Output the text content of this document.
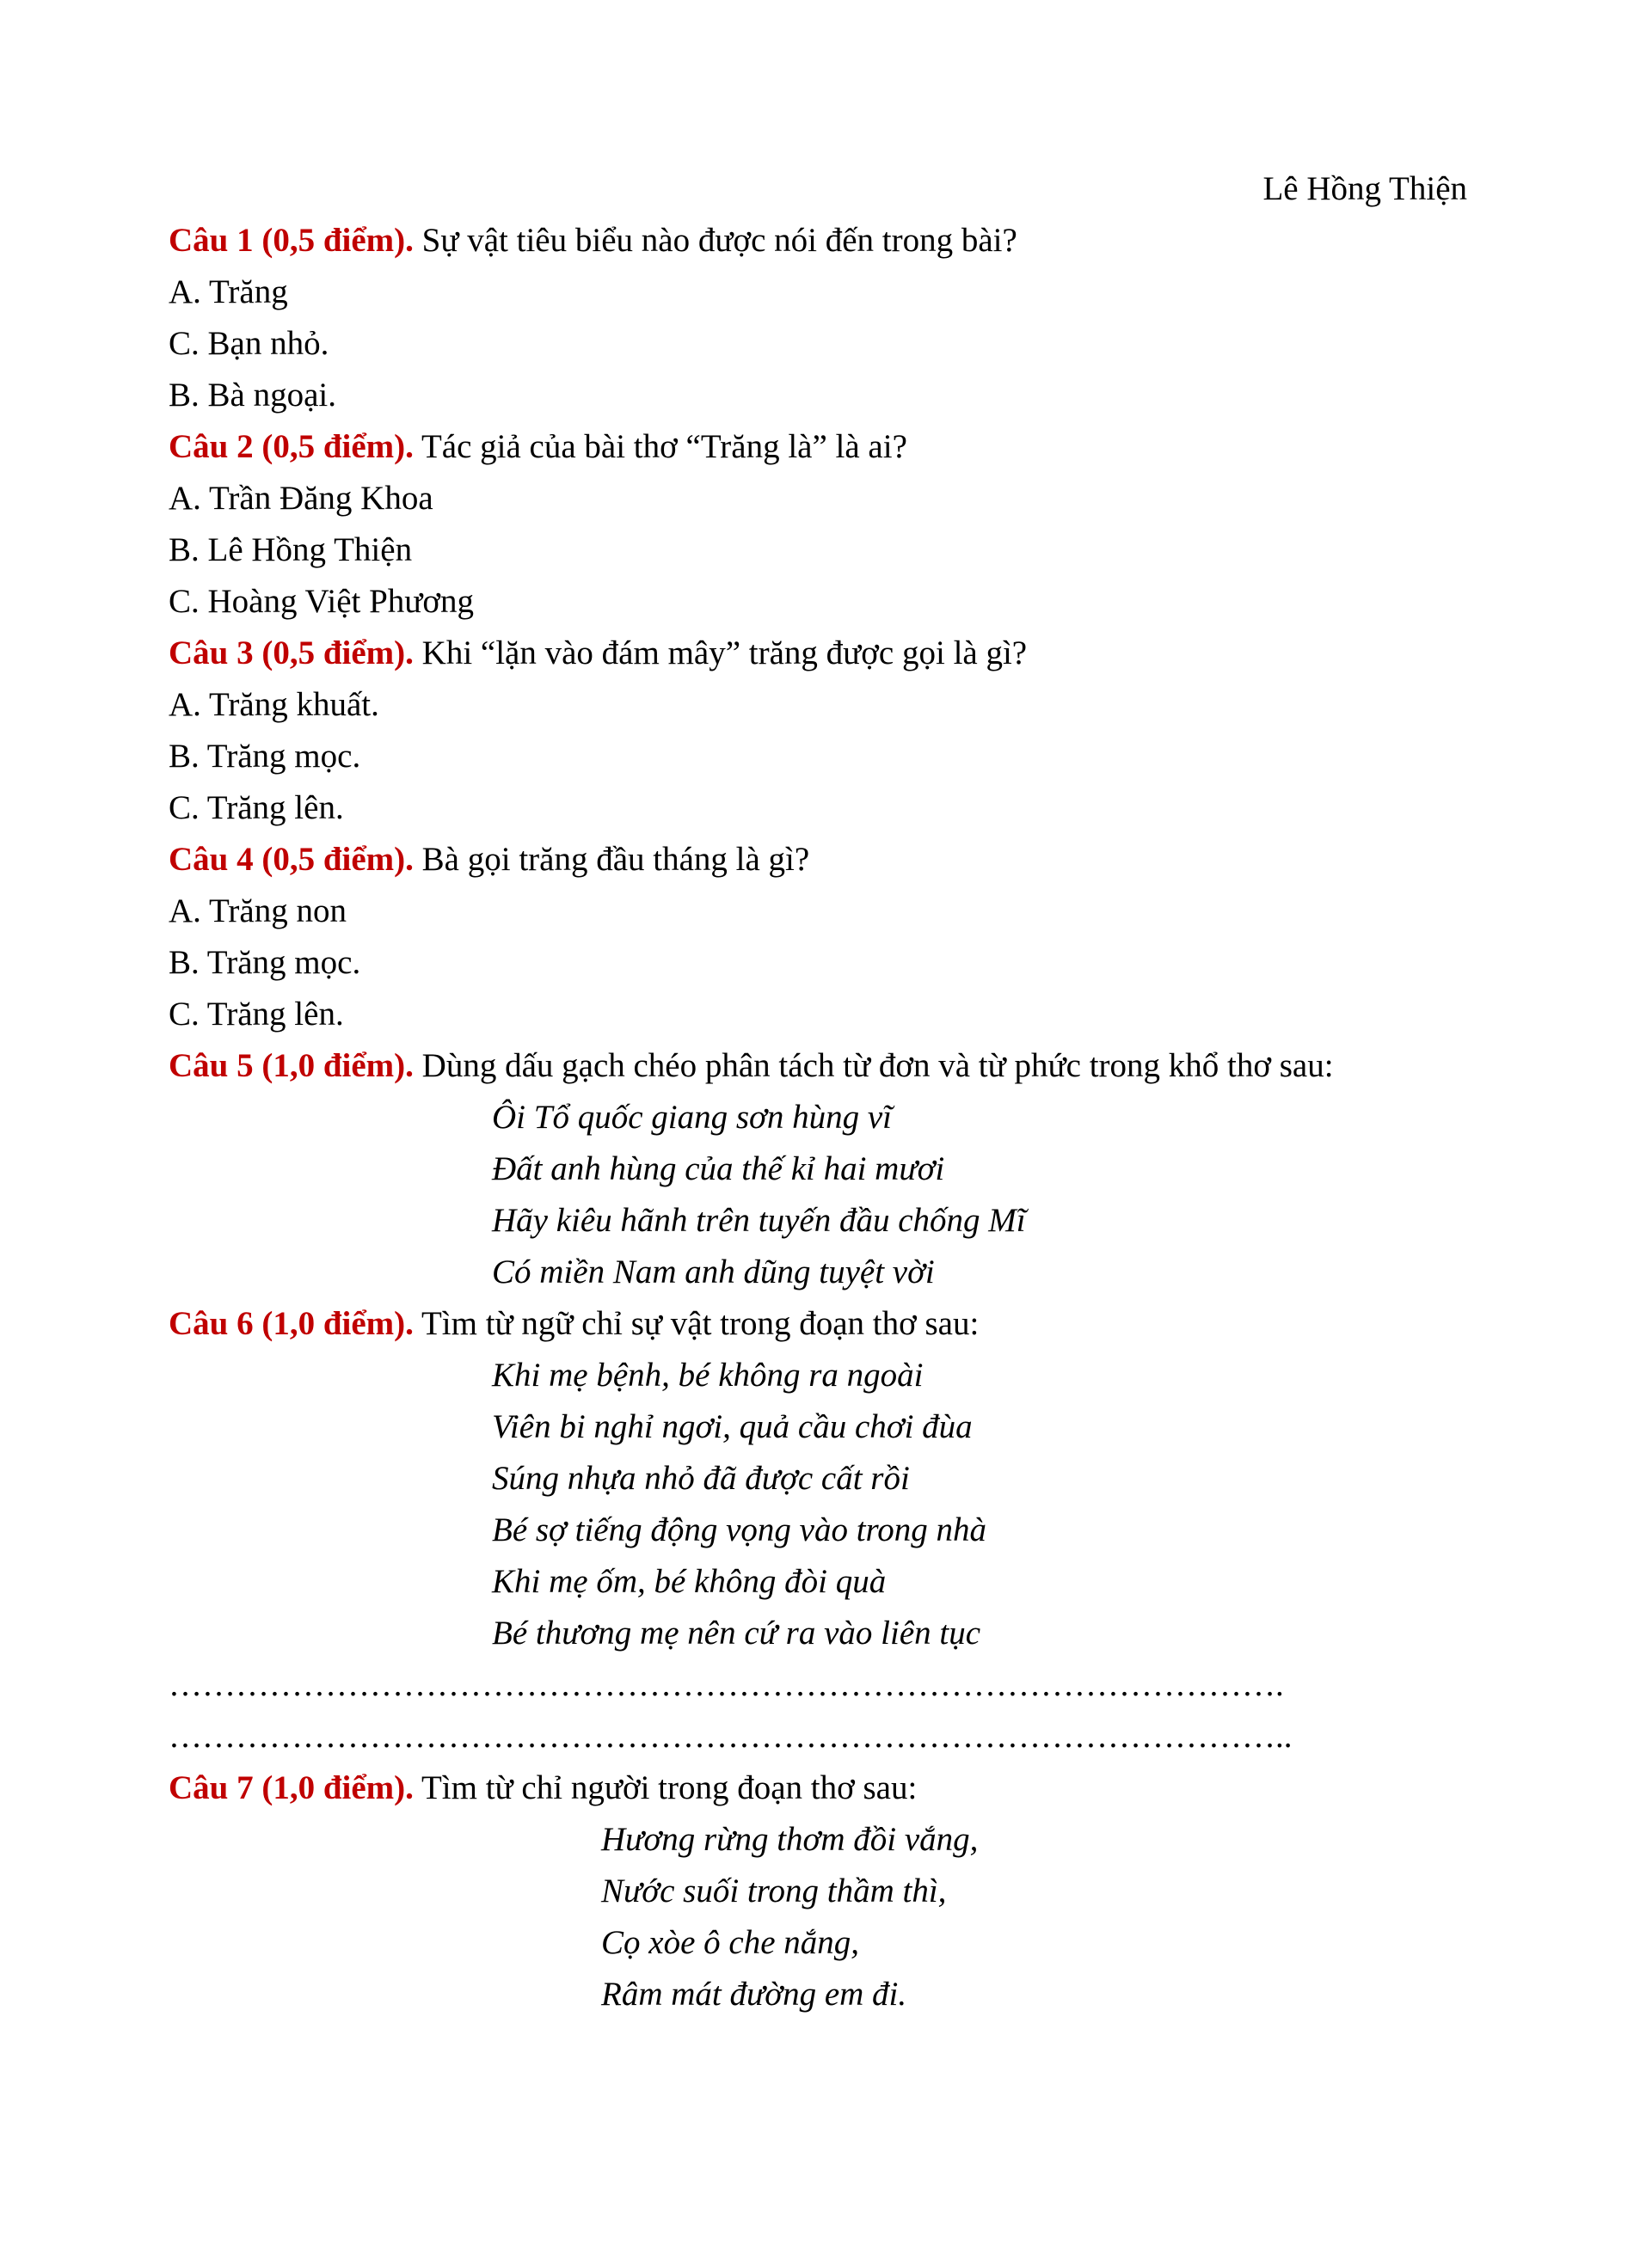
Lê Hồng Thiện
Câu 1 (0,5 điểm). Sự vật tiêu biểu nào được nói đến trong bài?
A. Trăng
C. Bạn nhỏ.
B. Bà ngoại.
Câu 2 (0,5 điểm). Tác giả của bài thơ “Trăng là” là ai?
A. Trần Đăng Khoa
B. Lê Hồng Thiện
C. Hoàng Việt Phương
Câu 3 (0,5 điểm). Khi “lặn vào đám mây” trăng được gọi là gì?
A. Trăng khuất.
B. Trăng mọc.
C. Trăng lên.
Câu 4 (0,5 điểm). Bà gọi trăng đầu tháng là gì?
A. Trăng non
B. Trăng mọc.
C. Trăng lên.
Câu 5 (1,0 điểm). Dùng dấu gạch chéo phân tách từ đơn và từ phức trong khổ thơ sau:
Ôi Tổ quốc giang sơn hùng vĩ
Đất anh hùng của thế kỉ hai mươi
Hãy kiêu hãnh trên tuyến đầu chống Mĩ
Có miền Nam anh dũng tuyệt vời
Câu 6 (1,0 điểm). Tìm từ ngữ chỉ sự vật trong đoạn thơ sau:
Khi mẹ bệnh, bé không ra ngoài
Viên bi nghỉ ngơi, quả cầu chơi đùa
Súng nhựa nhỏ đã được cất rồi
Bé sợ tiếng động vọng vào trong nhà
Khi mẹ ốm, bé không đòi quà
Bé thương mẹ nên cứ ra vào liên tục
……………………………………………………………………………………….
………………………………………………………………………………………..
Câu 7 (1,0 điểm). Tìm từ chỉ người trong đoạn thơ sau:
Hương rừng thơm đồi vắng,
Nước suối trong thầm thì,
Cọ xòe ô che nắng,
Râm mát đường em đi.
